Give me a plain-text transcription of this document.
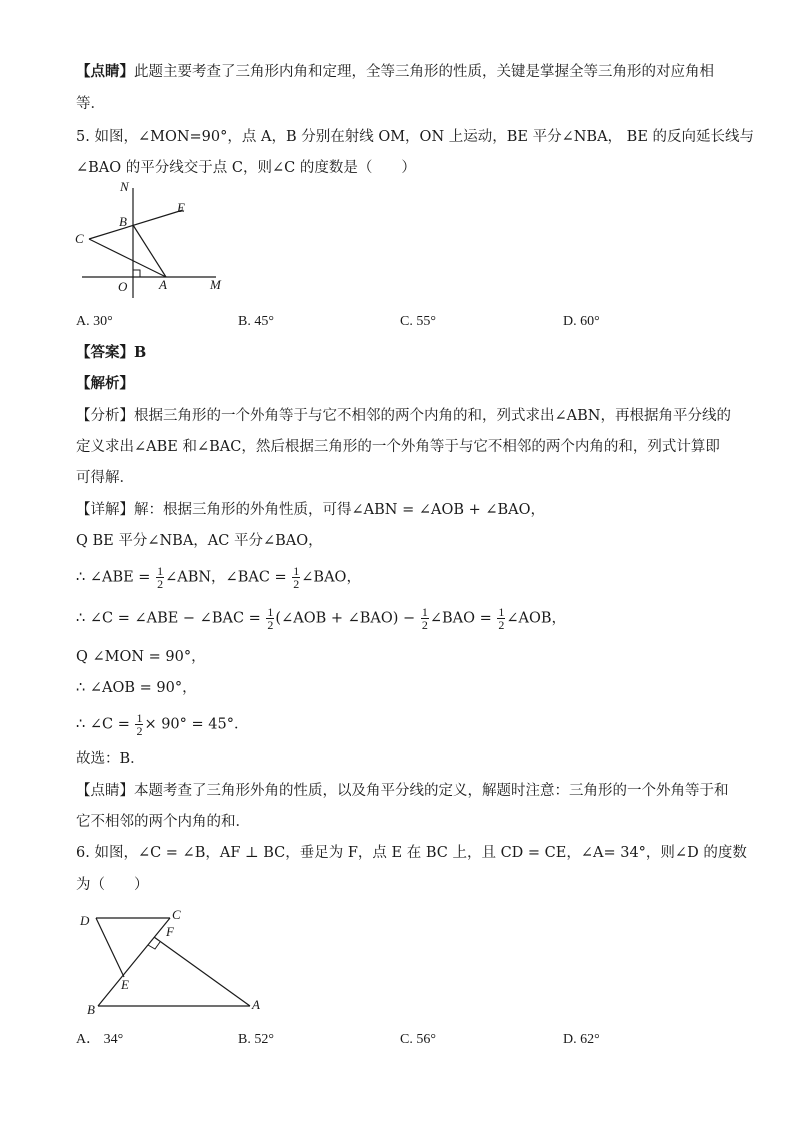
【点睛】此题主要考查了三角形内角和定理，全等三角形的性质，关键是掌握全等三角形的对应角相
等．
5. 如图，∠MON=90°，点 A，B 分别在射线 OM，ON 上运动，BE 平分∠NBA， BE 的反向延长线与
∠BAO 的平分线交于点 C，则∠C 的度数是（　　）
N
E
B
C
O A	M
A. 30°	B. 45°	C. 55°	D. 60°
【答案】B
【解析】
【分析】根据三角形的一个外角等于与它不相邻的两个内角的和，列式求出∠ABN，再根据角平分线的
定义求出∠ABE 和∠BAC，然后根据三角形的一个外角等于与它不相邻的两个内角的和，列式计算即
可得解．
【详解】解：根据三角形的外角性质，可得∠ABN = ∠AOB + ∠BAO，
Q BE 平分∠NBA，AC 平分∠BAO，
∴ ∠ABE = $\frac{1}{2}$ ∠ABN，∠BAC = $\frac{1}{2}$ ∠BAO，
∴ ∠C = ∠ABE − ∠BAC = $\frac{1}{2}$ (∠AOB + ∠BAO) − $\frac{1}{2}$ ∠BAO = $\frac{1}{2}$ ∠AOB，
Q ∠MON = 90°，
∴ ∠AOB = 90°，
∴ ∠C = $\frac{1}{2} \times 90^\circ = 45^\circ$．
故选：B．
【点睛】本题考查了三角形外角的性质，以及角平分线的定义，解题时注意：三角形的一个外角等于和
它不相邻的两个内角的和．
6. 如图，∠C = ∠B，AF ⊥ BC，垂足为 F，点 E 在 BC 上，且 CD = CE，∠A= 34°，则∠D 的度数
为（　　）
D	C
F
E
B	A
A． 34°	B. 52°	C. 56°	D. 62°
